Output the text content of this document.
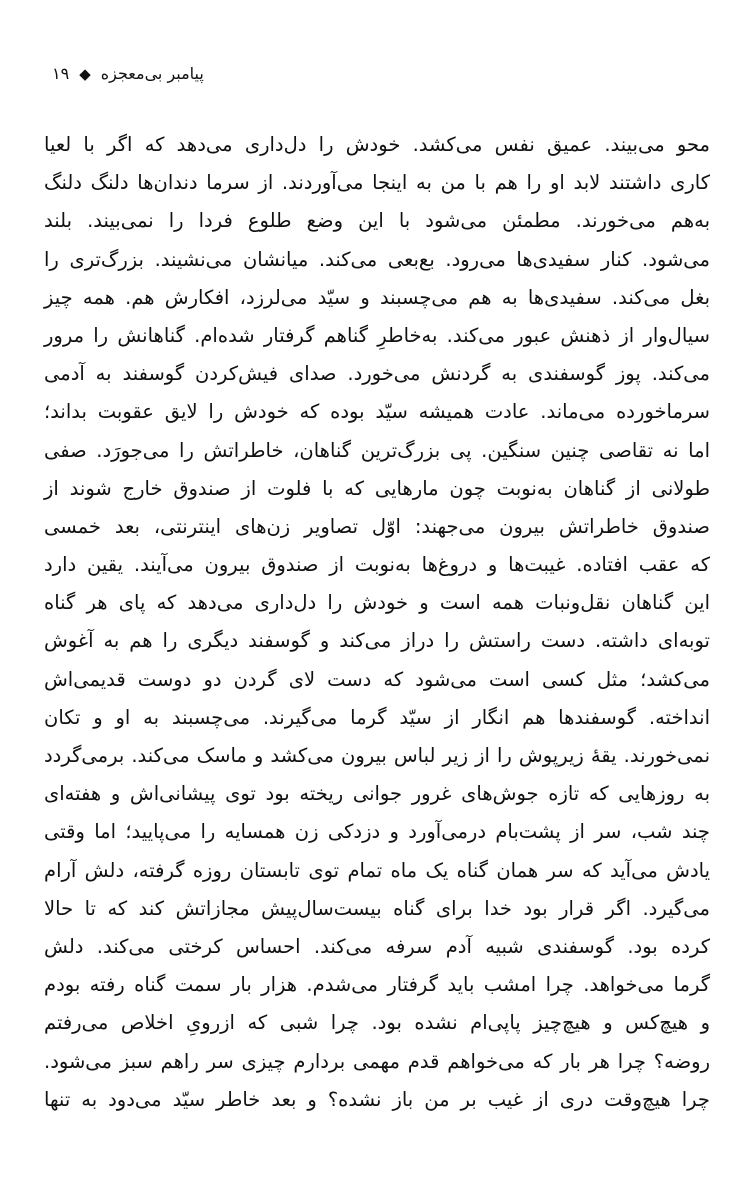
پیامبر بی‌معجزه
◆
۱۹
محو می‌بیند. عمیق نفس می‌کشد. خودش را دل‌داری می‌دهد که اگر با لعیا
کاری داشتند لابد او را هم با من به اینجا می‌آوردند. از سرما دندان‌ها دلنگ دلنگ
به‌هم می‌خورند. مطمئن می‌شود با این وضع طلوع فردا را نمی‌بیند. بلند
می‌شود. کنار سفیدی‌ها می‌رود. بع‌بعی می‌کند. میانشان می‌نشیند. بزرگ‌تری را
بغل می‌کند. سفیدی‌ها به هم می‌چسبند و سیّد می‌لرزد، افکارش هم. همه چیز
سیال‌وار از ذهنش عبور می‌کند. به‌خاطرِ گناهم گرفتار شده‌ام. گناهانش را مرور
می‌کند. پوز گوسفندی به گردنش می‌خورد. صدای فیش‌کردن گوسفند به آدمی
سرماخورده می‌ماند. عادت همیشه سیّد بوده که خودش را لایق عقوبت بداند؛
اما نه تقاصی چنین سنگین. پی بزرگ‌ترین گناهان، خاطراتش را می‌جورَد. صفی
طولانی از گناهان به‌نوبت چون مارهایی که با فلوت از صندوق خارج شوند از
صندوق خاطراتش بیرون می‌جهند: اوّل تصاویر زن‌های اینترنتی، بعد خمسی
که عقب افتاده. غیبت‌ها و دروغ‌ها به‌نوبت از صندوق بیرون می‌آیند. یقین دارد
این گناهان نقل‌ونبات همه است و خودش را دل‌داری می‌دهد که پای هر گناه
توبه‌ای داشته. دست راستش را دراز می‌کند و گوسفند دیگری را هم به آغوش
می‌کشد؛ مثل کسی است می‌شود که دست لای گردن دو دوست قدیمی‌اش
انداخته. گوسفندها هم انگار از سیّد گرما می‌گیرند. می‌چسبند به او و تکان
نمی‌خورند. یقهٔ زیرپوش را از زیر لباس بیرون می‌کشد و ماسک می‌کند. برمی‌گردد
به روزهایی که تازه جوش‌های غرور جوانی ریخته بود توی پیشانی‌اش و هفته‌ای
چند شب، سر از پشت‌بام درمی‌آورد و دزدکی زن همسایه را می‌پایید؛ اما وقتی
یادش می‌آید که سر همان گناه یک ماه تمام توی تابستان روزه گرفته، دلش آرام
می‌گیرد. اگر قرار بود خدا برای گناه بیست‌سال‌پیش مجازاتش کند که تا حالا
کرده بود. گوسفندی شبیه آدم سرفه می‌کند. احساس کرختی می‌کند. دلش
گرما می‌خواهد. چرا امشب باید گرفتار می‌شدم. هزار بار سمت گناه رفته بودم
و هیچ‌کس و هیچ‌چیز پاپی‌ام نشده بود. چرا شبی که ازرویِ اخلاص می‌رفتم
روضه؟ چرا هر بار که می‌خواهم قدم مهمی بردارم چیزی سر راهم سبز می‌شود.
چرا هیچ‌وقت دری از غیب بر من باز نشده؟ و بعد خاطر سیّد می‌دود به تنها
